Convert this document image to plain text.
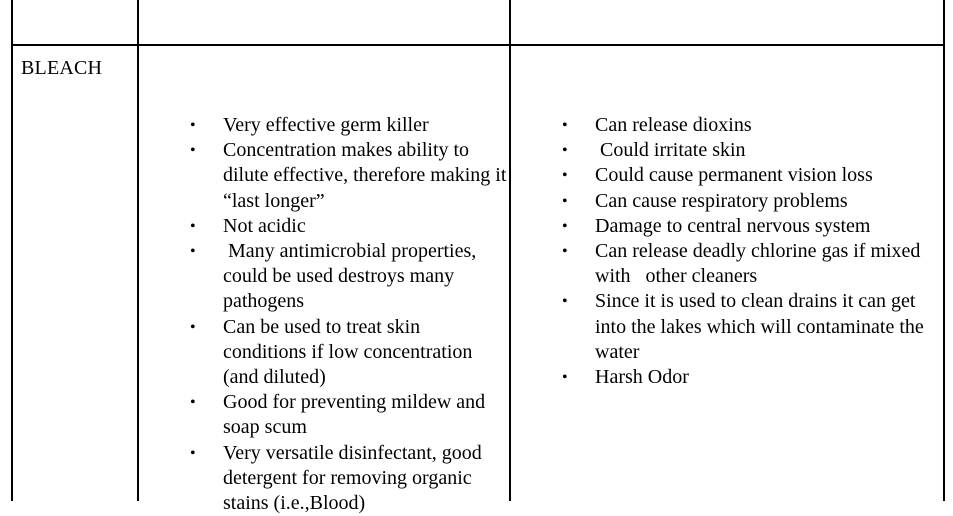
BLEACH
• Very effective germ killer
• Concentration makes ability to dilute effective, therefore making it “last longer”
• Not acidic
• Many antimicrobial properties, could be used destroys many pathogens
• Can be used to treat skin conditions if low concentration (and diluted)
• Good for preventing mildew and soap scum
• Very versatile disinfectant, good detergent for removing organic stains (i.e.,Blood)
• Can release dioxins
• Could irritate skin
• Could cause permanent vision loss
• Can cause respiratory problems
• Damage to central nervous system
• Can release deadly chlorine gas if mixed with   other cleaners
• Since it is used to clean drains it can get into the lakes which will contaminate the water
• Harsh Odor
